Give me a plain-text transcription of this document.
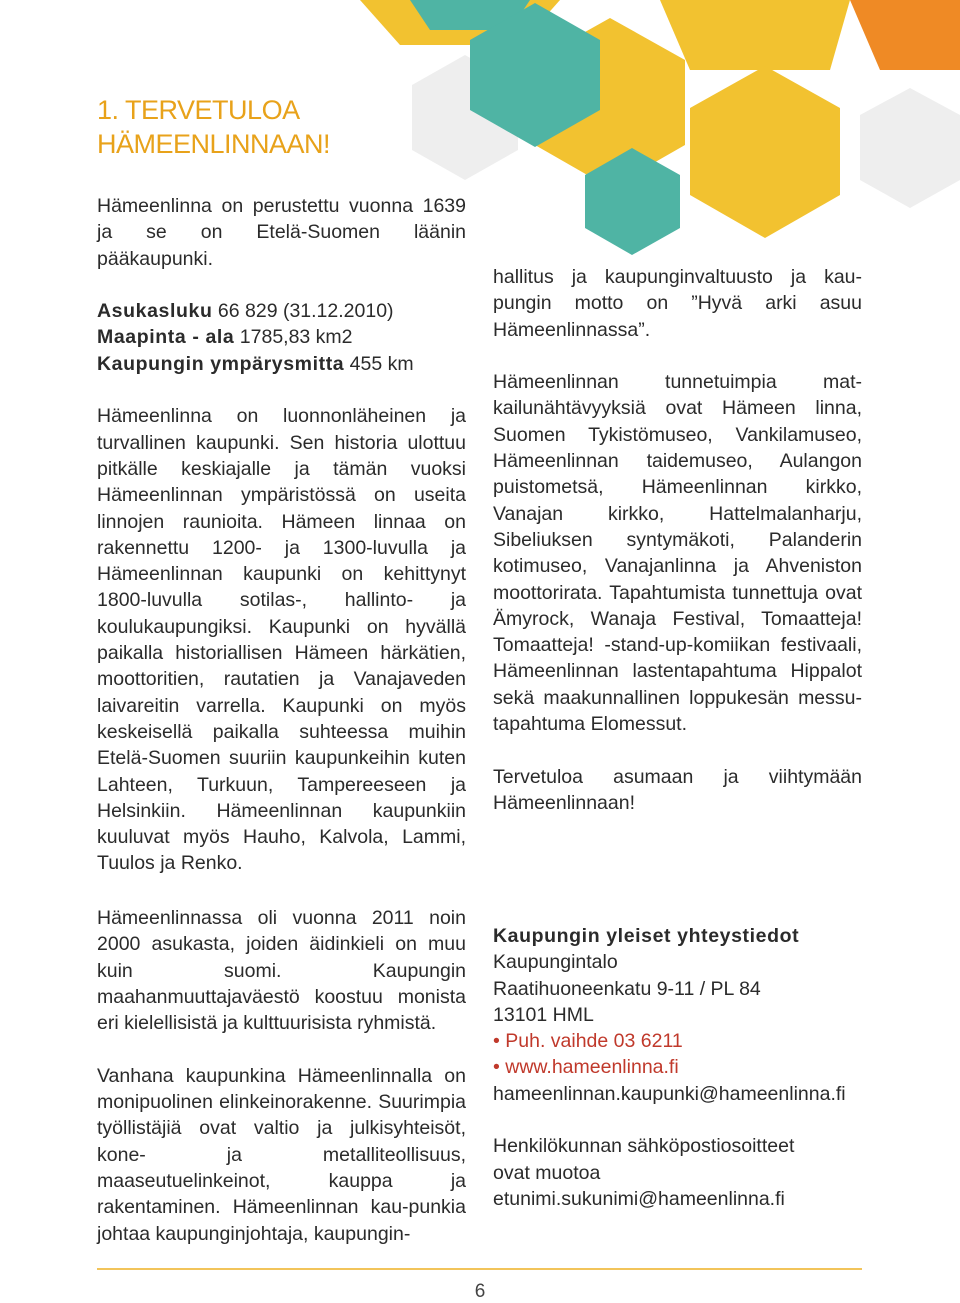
1. TERVETULOA
HÄMEENLINNAAN!

Hämeenlinna on perustettu vuonna 1639 ja se on Etelä-Suomen läänin pääkaupunki.

Asukasluku 66 829 (31.12.2010)
Maapinta - ala 1785,83 km2
Kaupungin ympärysmitta 455 km

Hämeenlinna on luonnonläheinen ja turvallinen kaupunki. Sen historia ulottuu pitkälle keskiajalle ja tämän vuoksi Hämeenlinnan ympäristössä on useita linnojen raunioita. Hämeen linnaa on rakennettu 1200- ja 1300-luvulla ja Hämeenlinnan kaupunki on kehittynyt 1800-luvulla sotilas-, hallinto- ja koulukaupungiksi. Kaupunki on hyvällä paikalla historiallisen Hämeen härkätien, moottoritien, rautatien ja Vanajaveden laivareitin varrella. Kaupunki on myös keskeisellä paikalla suhteessa muihin Etelä-Suomen suuriin kaupunkeihin kuten Lahteen, Turkuun, Tampereeseen ja Helsinkiin. Hämeenlinnan kaupunkiin kuuluvat myös Hauho, Kalvola, Lammi, Tuulos ja Renko.

Hämeenlinnassa oli vuonna 2011 noin 2000 asukasta, joiden äidinkieli on muu kuin suomi. Kaupungin maahanmuuttajaväestö koostuu monista eri kielellisistä ja kulttuurisista ryhmistä.

Vanhana kaupunkina Hämeenlinnalla on monipuolinen elinkeinorakenne. Suurimpia työllistäjiä ovat valtio ja julkisyhteisöt, kone- ja metalliteollisuus, maaseutuelinkeinot, kauppa ja rakentaminen. Hämeenlinnan kau-punkia johtaa kaupunginjohtaja, kaupungin-

hallitus ja kaupunginvaltuusto ja kau-pungin motto on ”Hyvä arki asuu Hämeenlinnassa”.

Hämeenlinnan tunnetuimpia mat-kailunähtävyyksiä ovat Hämeen linna, Suomen Tykistömuseo, Vankilamuseo, Hämeenlinnan taidemuseo, Aulangon puistometsä, Hämeenlinnan kirkko, Vanajan kirkko, Hattelmalanharju, Sibeliuksen syntymäkoti, Palanderin kotimuseo, Vanajanlinna ja Ahveniston moottorirata. Tapahtumista tunnettuja ovat Ämyrock, Wanaja Festival, Tomaatteja! Tomaatteja! -stand-up-komiikan festivaali, Hämeenlinnan lastentapahtuma Hippalot sekä maakunnallinen loppukesän messu-tapahtuma Elomessut.

Tervetuloa asumaan ja viihtymään Hämeenlinnaan!

Kaupungin yleiset yhteystiedot
Kaupungintalo
Raatihuoneenkatu 9-11 / PL 84
13101 HML
• Puh. vaihde 03 6211
• www.hameenlinna.fi
hameenlinnan.kaupunki@hameenlinna.fi

Henkilökunnan sähköpostiosoitteet
ovat muotoa
etunimi.sukunimi@hameenlinna.fi

6
